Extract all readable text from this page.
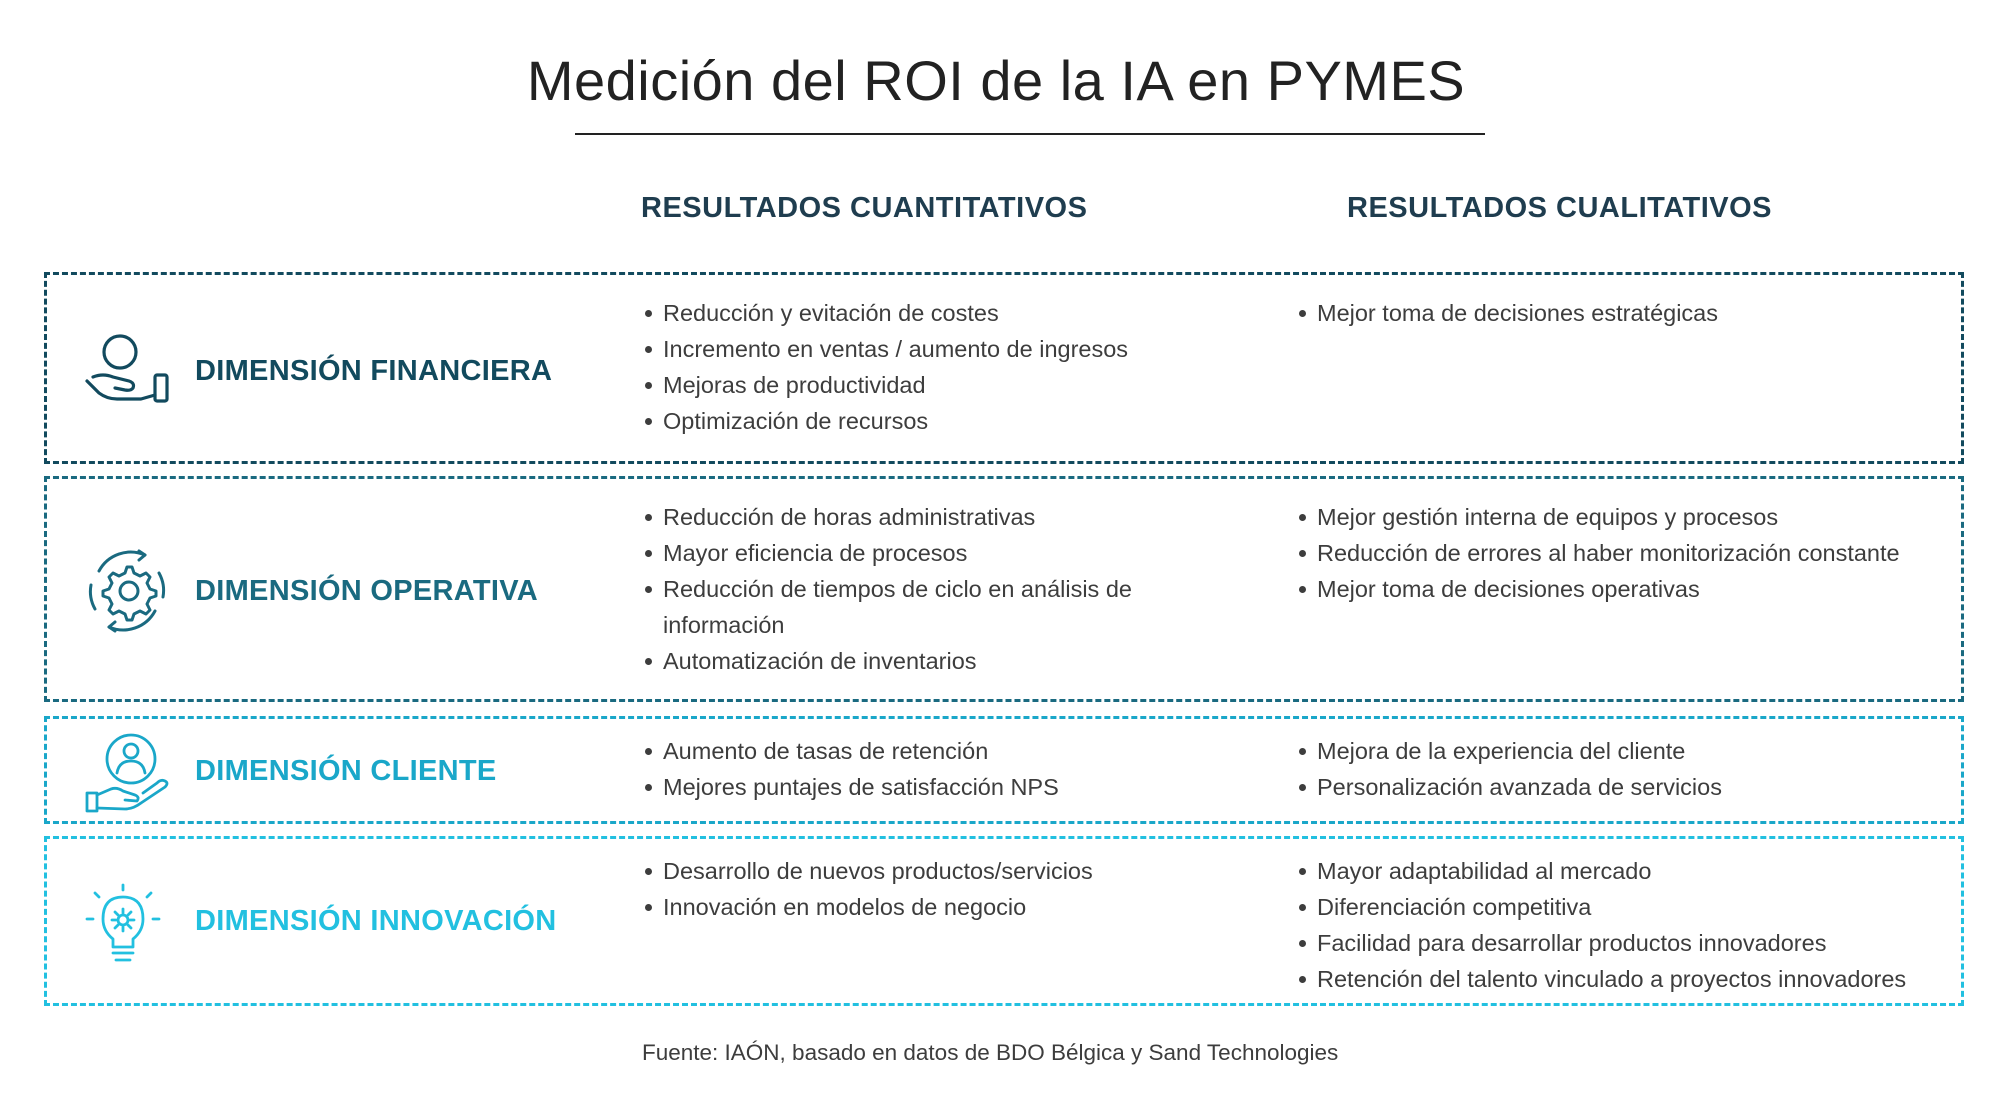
Medición del ROI de la IA en PYMES
RESULTADOS CUANTITATIVOS	RESULTADOS CUALITATIVOS
DIMENSIÓN FINANCIERA
Reducción y evitación de costes
Incremento en ventas / aumento de ingresos
Mejoras de productividad
Optimización de recursos
Mejor toma de decisiones estratégicas
DIMENSIÓN OPERATIVA
Reducción de horas administrativas
Mayor eficiencia de procesos
Reducción de tiempos de ciclo en análisis de información
Automatización de inventarios
Mejor gestión interna de equipos y procesos
Reducción de errores al haber monitorización constante
Mejor toma de decisiones operativas
DIMENSIÓN CLIENTE
Aumento de tasas de retención
Mejores puntajes de satisfacción NPS
Mejora de la experiencia del cliente
Personalización avanzada de servicios
DIMENSIÓN INNOVACIÓN
Desarrollo de nuevos productos/servicios
Innovación en modelos de negocio
Mayor adaptabilidad al mercado
Diferenciación competitiva
Facilidad para desarrollar productos innovadores
Retención del talento vinculado a proyectos innovadores
Fuente: IAÓN, basado en datos de BDO Bélgica y Sand Technologies
